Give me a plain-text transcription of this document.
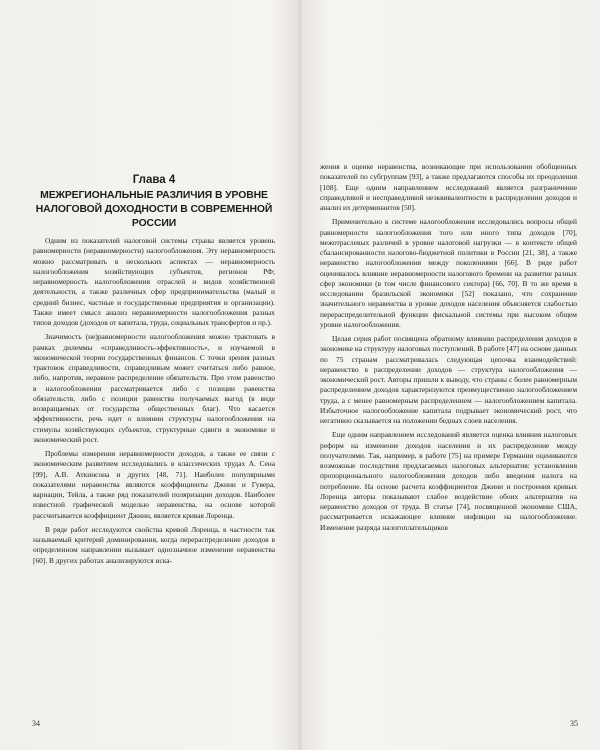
Глава 4
МЕЖРЕГИОНАЛЬНЫЕ РАЗЛИЧИЯ В УРОВНЕ
НАЛОГОВОЙ ДОХОДНОСТИ В СОВРЕМЕННОЙ
РОССИИ

Одним из показателей налоговой системы страны является уровень равномерности (неравномерности) налогообложения. Эту неравномерность можно рассматривать в нескольких аспектах — неравномерность налогообложения хозяйствующих субъектов, регионов РФ; неравномерность налогообложения отраслей и видов хозяйственной деятельности, а также различных сфер предпринимательства (малый и средний бизнес, частные и государственные предприятия и организации). Также имеет смысл анализ неравномерности налогообложения разных типов доходов (доходов от капитала, труда, социальных трансфертов и пр.).

Значимость (не)равномерности налогообложения можно трактовать в рамках дилеммы «справедливость-эффективность», и изучаемой в экономической теории государственных финансов. С точки зрения разных трактовок справедливости, справедливым может считаться либо равное, либо, напротив, неравное распределение обязательств. При этом равенство в налогообложении рассматривается либо с позиции равенства обязательств, либо с позиции равенства получаемых выгод (в виде возвращаемых от государства общественных благ). Что касается эффективности, речь идет о влиянии структуры налогообложения на стимулы хозяйствующих субъектов, структурные сдвиги в экономике и экономический рост.

Проблемы измерения неравномерности доходов, а также ее связи с экономическим развитием исследовались в классических трудах А. Сена [99], А.В. Аткинсона и других [48, 71]. Наиболее популярными показателями неравенства являются коэффициенты Джини и Гувера, вариации, Тейла, а также ряд показателей поляризации доходов. Наиболее известной графической моделью неравенства, на основе которой рассчитывается коэффициент Джини, является кривая Лоренца.

В ряде работ исследуются свойства кривой Лоренца, в частности так называемый критерий доминирования, когда перераспределение доходов в определенном направлении вызывает однозначное изменение неравенства [60]. В других работах анализируются иска-

34

жения в оценке неравенства, возникающие при использовании обобщенных показателей по субгруппам [93], а также предлагаются способы их преодоления [108]. Еще одним направлением исследований является разграничение справедливой и несправедливой неэквивалентности в распределении доходов и анализ их детерминантов [50].

Применительно к системе налогообложения исследовались вопросы общей равномерности налогообложения того или иного типа доходов [70], межотраслевых различий в уровне налоговой нагрузки — в контексте общей сбалансированности налогово-бюджетной политики в России [21, 38], а также неравенство налогообложения между поколениями [66]. В ряде работ оценивалось влияние неравномерности налогового бремени на развитие разных сфер экономики (в том числе финансового сектора) [66, 70]. В то же время в исследовании бразильской экономики [52] показано, что сохранение значительного неравенства в уровне доходов населения объясняется слабостью перераспределительной функции фискальной системы при высоком общем уровне налогообложения.

Целая серия работ посвящена обратному влиянию распределения доходов в экономике на структуру налоговых поступлений. В работе [47] на основе данных по 75 странам рассматривалась следующая цепочка взаимодействий: неравенство в распределении доходов — структура налогообложения — экономический рост. Авторы пришли к выводу, что страны с более равномерным распределением доходов характеризуются преимущественно налогообложением труда, а с менее равномерным распределением — налогообложением капитала. Избыточное налогообложение капитала подрывает экономический рост, что негативно сказывается на положении бедных слоев населения.

Еще одним направлением исследований является оценка влияния налоговых реформ на изменение доходов населения и их распределение между получателями. Так, например, в работе [75] на примере Германии оцениваются возможные последствия предлагаемых налоговых альтернатив: установления пропорционального налогообложения доходов либо введения налога на потребление. На основе расчета коэффициентов Джини и построения кривых Лоренца авторы показывают слабое воздействие обоих альтернатив на неравенство доходов от труда. В статье [74], посвященной экономике США, рассматривается искажающее влияние инфляции на налогообложение. Изменение разряда налогоплательщиков

35
